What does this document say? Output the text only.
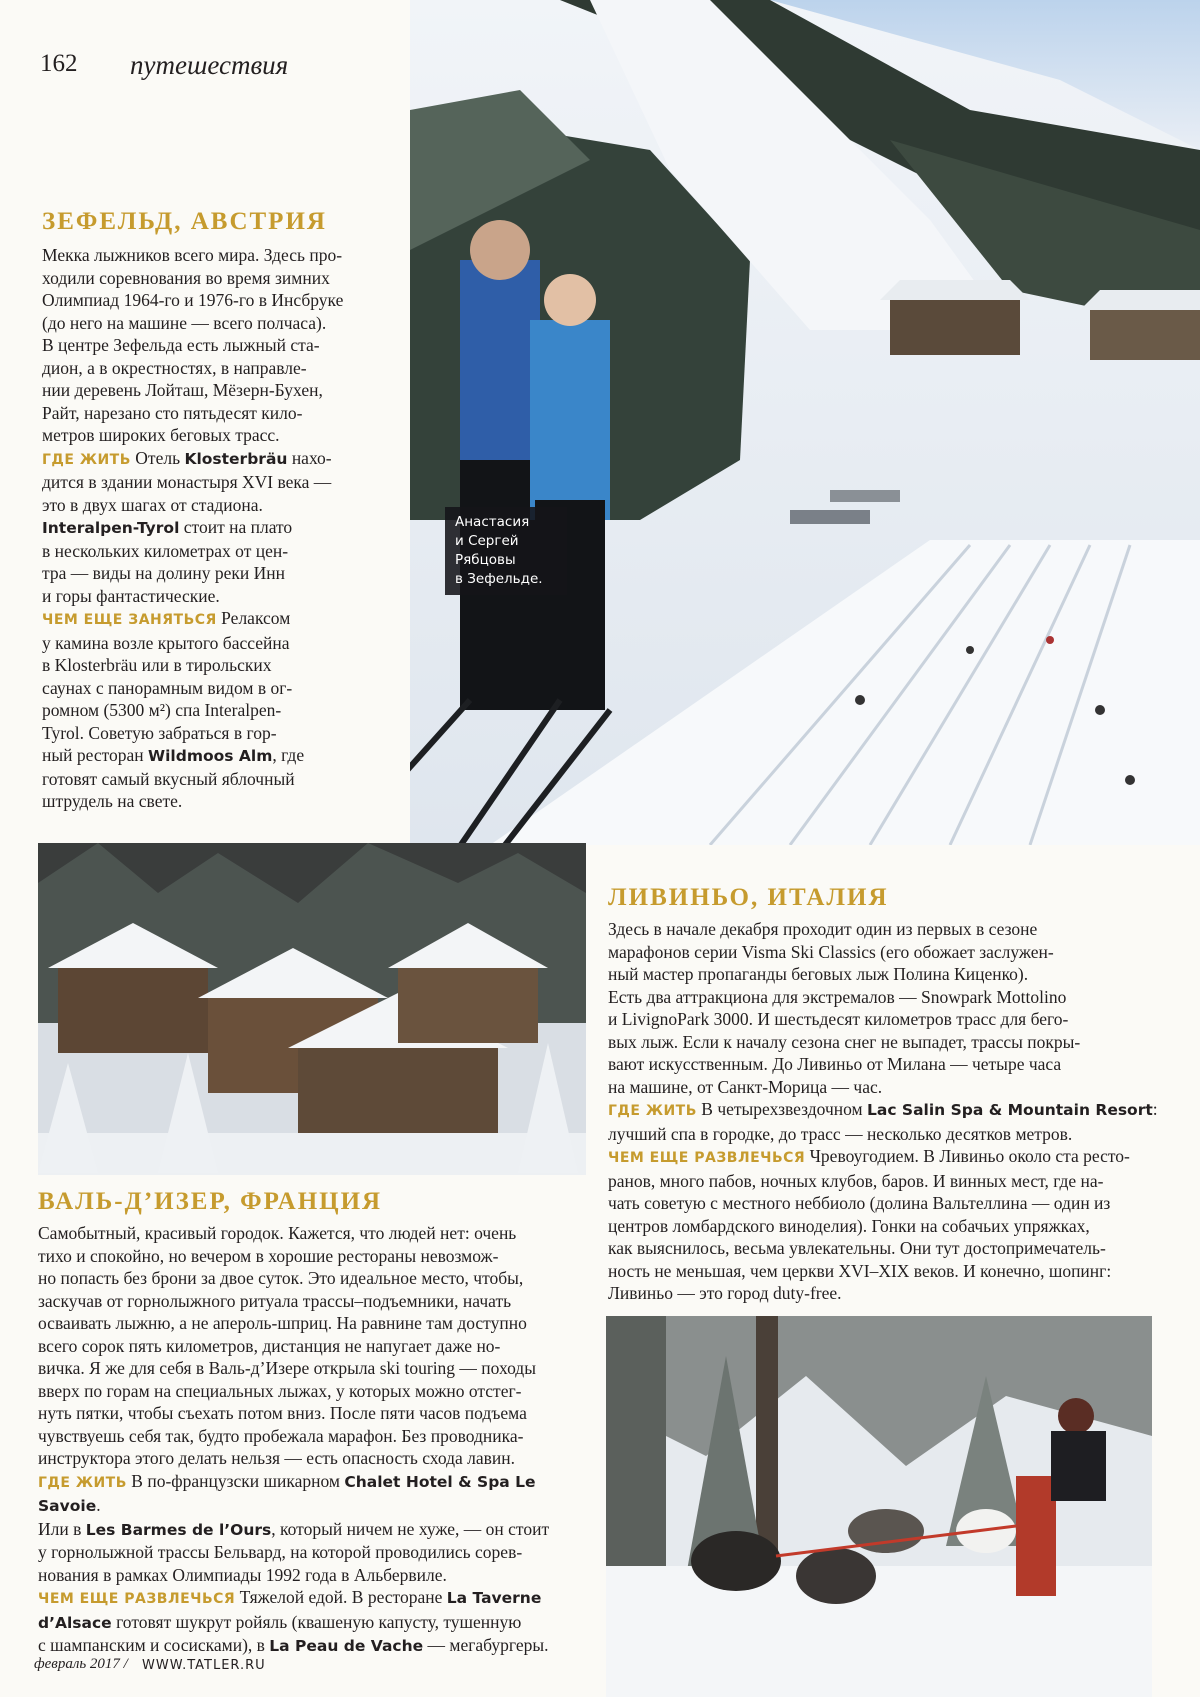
162 путешествия
Анастасия
и Сергей
Рябцовы
в Зефельде.
ЗЕФЕЛЬД, АВСТРИЯ
Мекка лыжников всего мира. Здесь про-
ходили соревнования во время зимних
Олимпиад 1964-го и 1976-го в Инсбруке
(до него на машине — всего полчаса).
В центре Зефельда есть лыжный ста-
дион, а в окрестностях, в направле-
нии деревень Лойташ, Мёзерн-Бухен,
Райт, нарезано сто пятьдесят кило-
метров широких беговых трасс.
ГДЕ ЖИТЬ Отель Klosterbräu нахо-
дится в здании монастыря XVI века —
это в двух шагах от стадиона.
Interalpen-Tyrol стоит на плато
в нескольких километрах от цен-
тра — виды на долину реки Инн
и горы фантастические.
ЧЕМ ЕЩЕ ЗАНЯТЬСЯ Релаксом
у камина возле крытого бассейна
в Klosterbräu или в тирольских
саунах с панорамным видом в ог-
ромном (5300 м²) спа Interalpen-
Tyrol. Советую забраться в гор-
ный ресторан Wildmoos Alm, где
готовят самый вкусный яблочный
штрудель на свете.
ЛИВИНЬО, ИТАЛИЯ
Здесь в начале декабря проходит один из первых в сезоне
марафонов серии Visma Ski Classics (его обожает заслужен-
ный мастер пропаганды беговых лыж Полина Киценко).
Есть два аттракциона для экстремалов — Snowpark Mottolino
и LivignoPark 3000. И шестьдесят километров трасс для бего-
вых лыж. Если к началу сезона снег не выпадет, трассы покры-
вают искусственным. До Ливиньо от Милана — четыре часа
на машине, от Санкт-Морица — час.
ГДЕ ЖИТЬ В четырехзвездочном Lac Salin Spa & Mountain Resort:
лучший спа в городке, до трасс — несколько десятков метров.
ЧЕМ ЕЩЕ РАЗВЛЕЧЬСЯ Чревоугодием. В Ливиньо около ста ресто-
ранов, много пабов, ночных клубов, баров. И винных мест, где на-
чать советую с местного неббиоло (долина Вальтеллина — один из
центров ломбардского виноделия). Гонки на собачьих упряжках,
как выяснилось, весьма увлекательны. Они тут достопримечатель-
ность не меньшая, чем церкви XVI–XIX веков. И конечно, шопинг:
Ливиньо — это город duty-free.
ВАЛЬ-Д’ИЗЕР, ФРАНЦИЯ
Самобытный, красивый городок. Кажется, что людей нет: очень
тихо и спокойно, но вечером в хорошие рестораны невозмож-
но попасть без брони за двое суток. Это идеальное место, чтобы,
заскучав от горнолыжного ритуала трассы–подъемники, начать
осваивать лыжню, а не апероль-шприц. На равнине там доступно
всего сорок пять километров, дистанция не напугает даже но-
вичка. Я же для себя в Валь-д’Изере открыла ski touring — походы
вверх по горам на специальных лыжах, у которых можно отстег-
нуть пятки, чтобы съехать потом вниз. После пяти часов подъема
чувствуешь себя так, будто пробежала марафон. Без проводника-
инструктора этого делать нельзя — есть опасность схода лавин.
ГДЕ ЖИТЬ В по-французски шикарном Chalet Hotel & Spa Le Savoie.
Или в Les Barmes de l’Ours, который ничем не хуже, — он стоит
у горнолыжной трассы Бельвард, на которой проводились сорев-
нования в рамках Олимпиады 1992 года в Альбервиле.
ЧЕМ ЕЩЕ РАЗВЛЕЧЬСЯ Тяжелой едой. В ресторане La Taverne
d’Alsace готовят шукрут ройяль (квашеную капусту, тушенную
с шампанским и сосисками), в La Peau de Vache — мегабургеры.
февраль 2017 / WWW.TATLER.RU
